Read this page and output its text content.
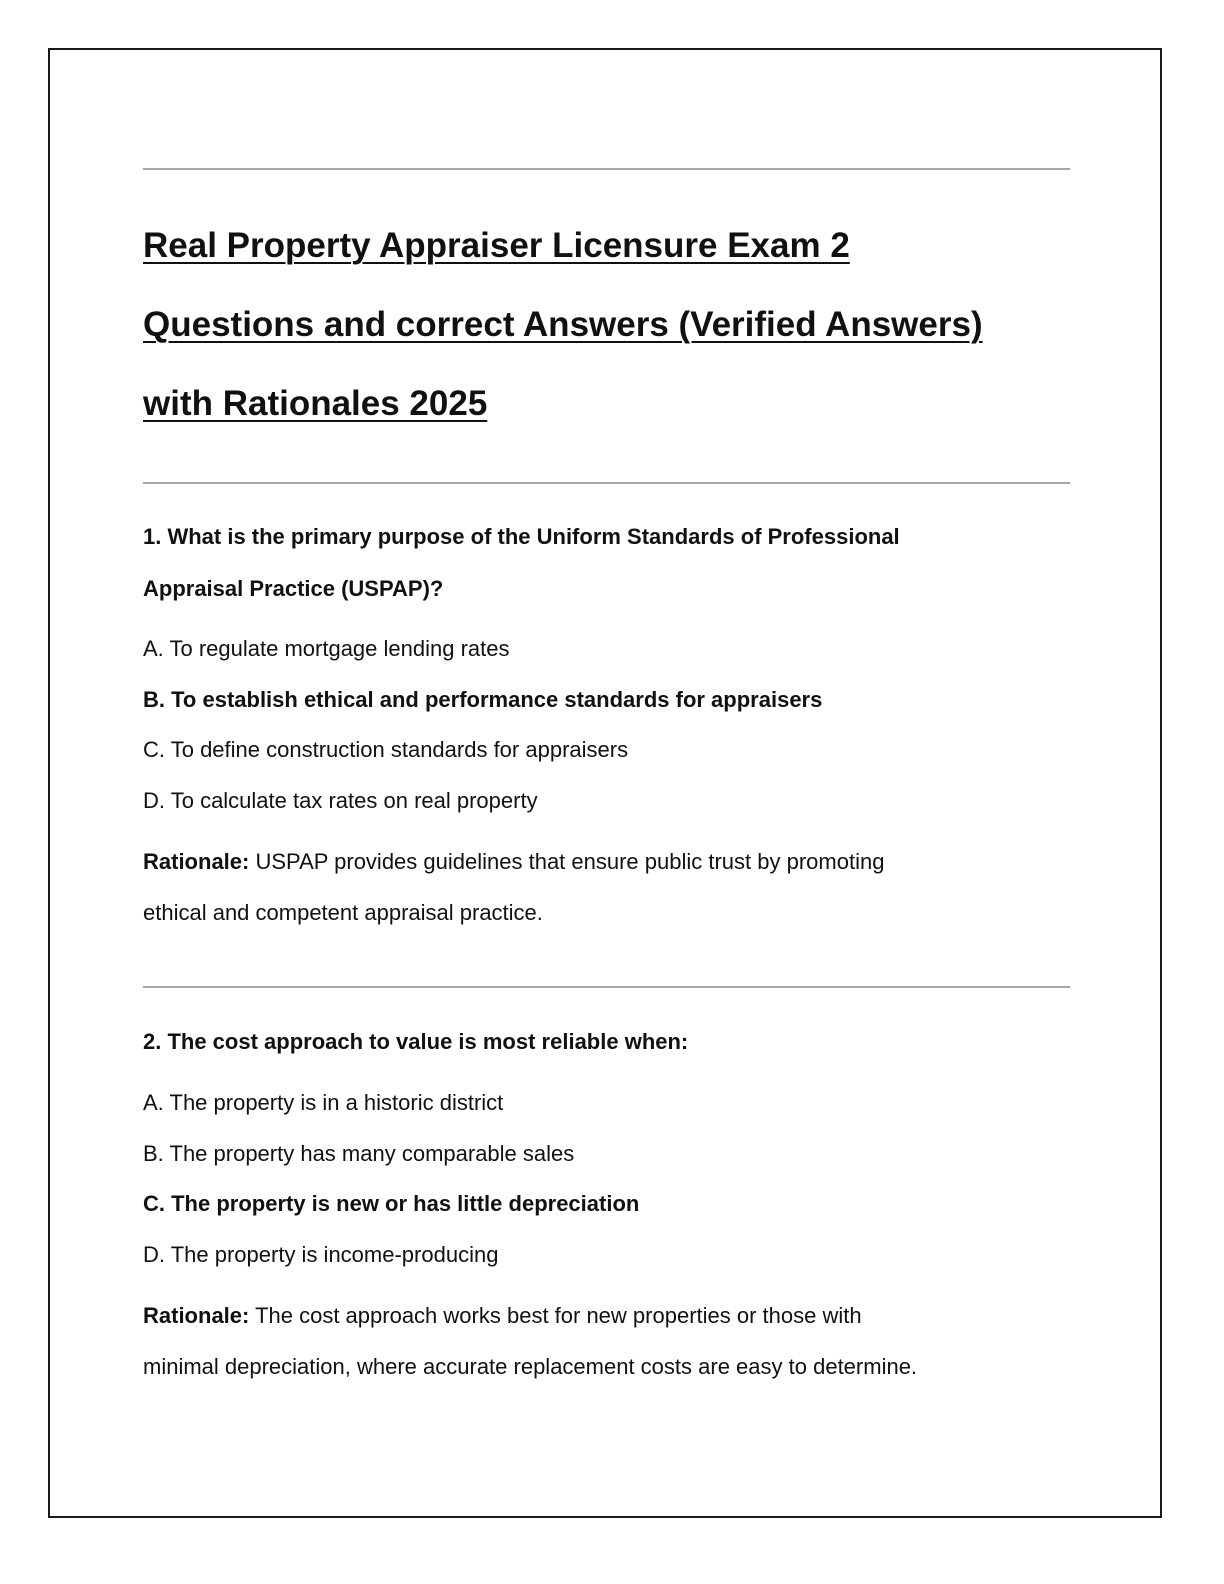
Real Property Appraiser Licensure Exam 2
Questions and correct Answers (Verified Answers)
with Rationales 2025

1. What is the primary purpose of the Uniform Standards of Professional
Appraisal Practice (USPAP)?

A. To regulate mortgage lending rates
B. To establish ethical and performance standards for appraisers
C. To define construction standards for appraisers
D. To calculate tax rates on real property

Rationale: USPAP provides guidelines that ensure public trust by promoting
ethical and competent appraisal practice.

2. The cost approach to value is most reliable when:

A. The property is in a historic district
B. The property has many comparable sales
C. The property is new or has little depreciation
D. The property is income-producing

Rationale: The cost approach works best for new properties or those with
minimal depreciation, where accurate replacement costs are easy to determine.
